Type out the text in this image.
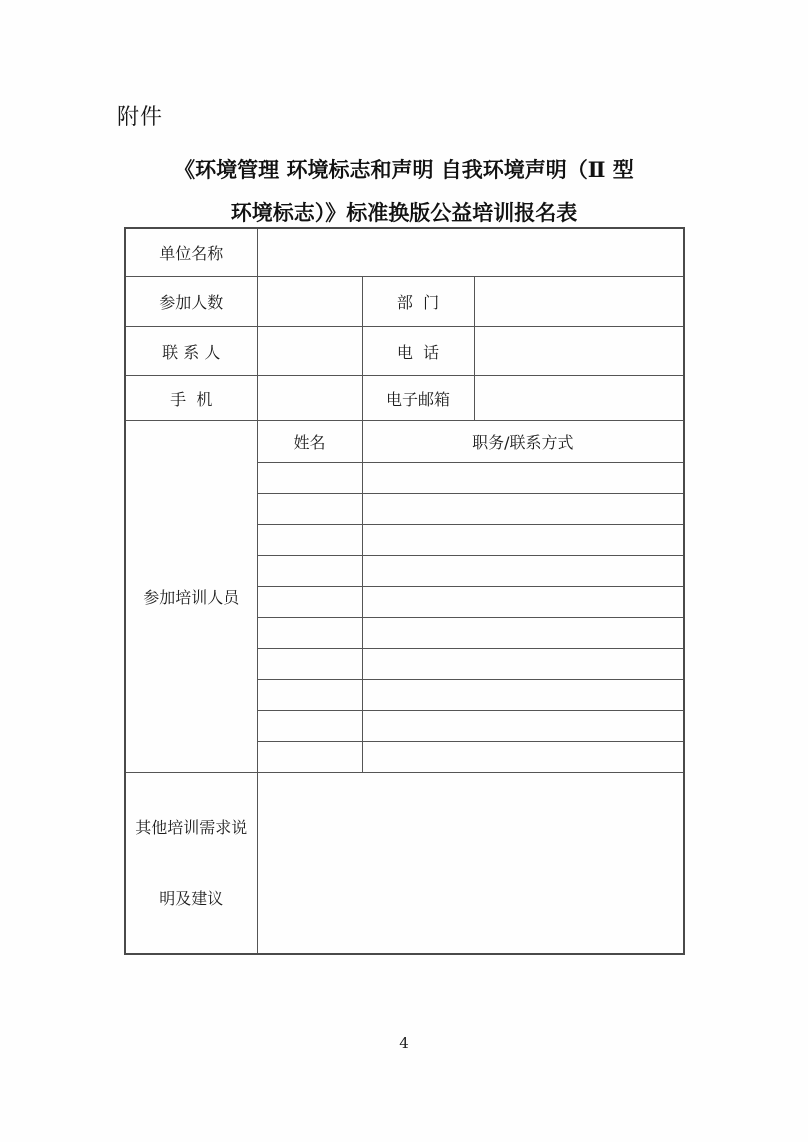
附件
《环境管理 环境标志和声明 自我环境声明（Ⅱ 型
环境标志）》标准换版公益培训报名表
单位名称			
参加人数		部  门	
联 系 人		电  话	
手  机		电子邮箱	
参加培训人员	姓名	职务/联系方式	

其他培训需求说

明及建议			

4
